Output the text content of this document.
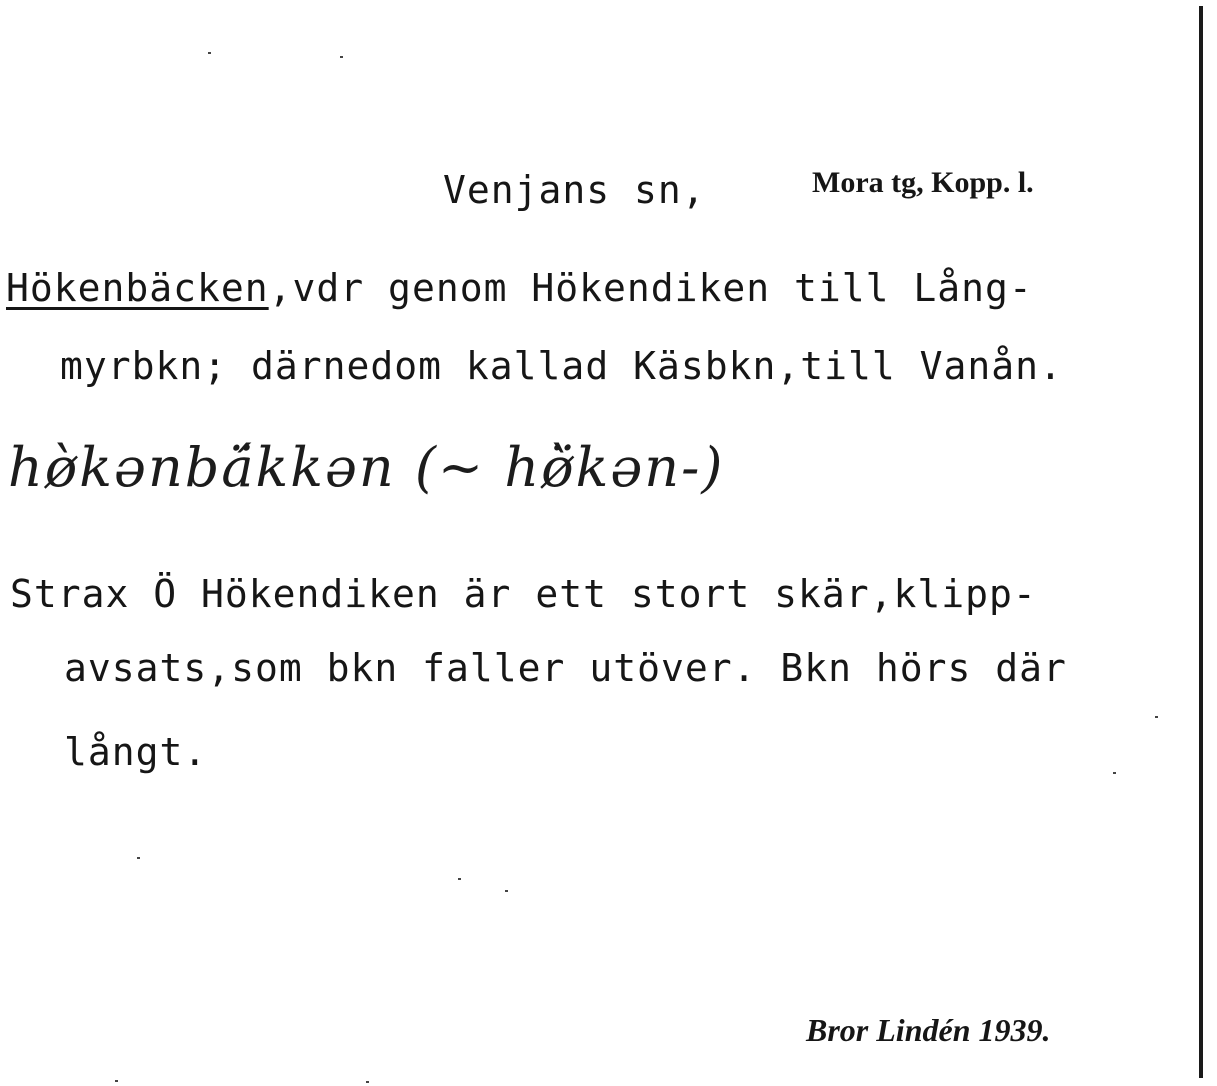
Venjans sn,	Mora tg, Kopp. l.
Hökenbäcken,vdr genom Hökendiken till Lång-
myrbkn; därnedom kallad Käsbkn,till Vanån.
hø̀kənbä́kkən (~ hø̈̀kən-)
Strax Ö Hökendiken är ett stort skär,klipp-
avsats,som bkn faller utöver. Bkn hörs där
långt.
Bror Lindén 1939.
